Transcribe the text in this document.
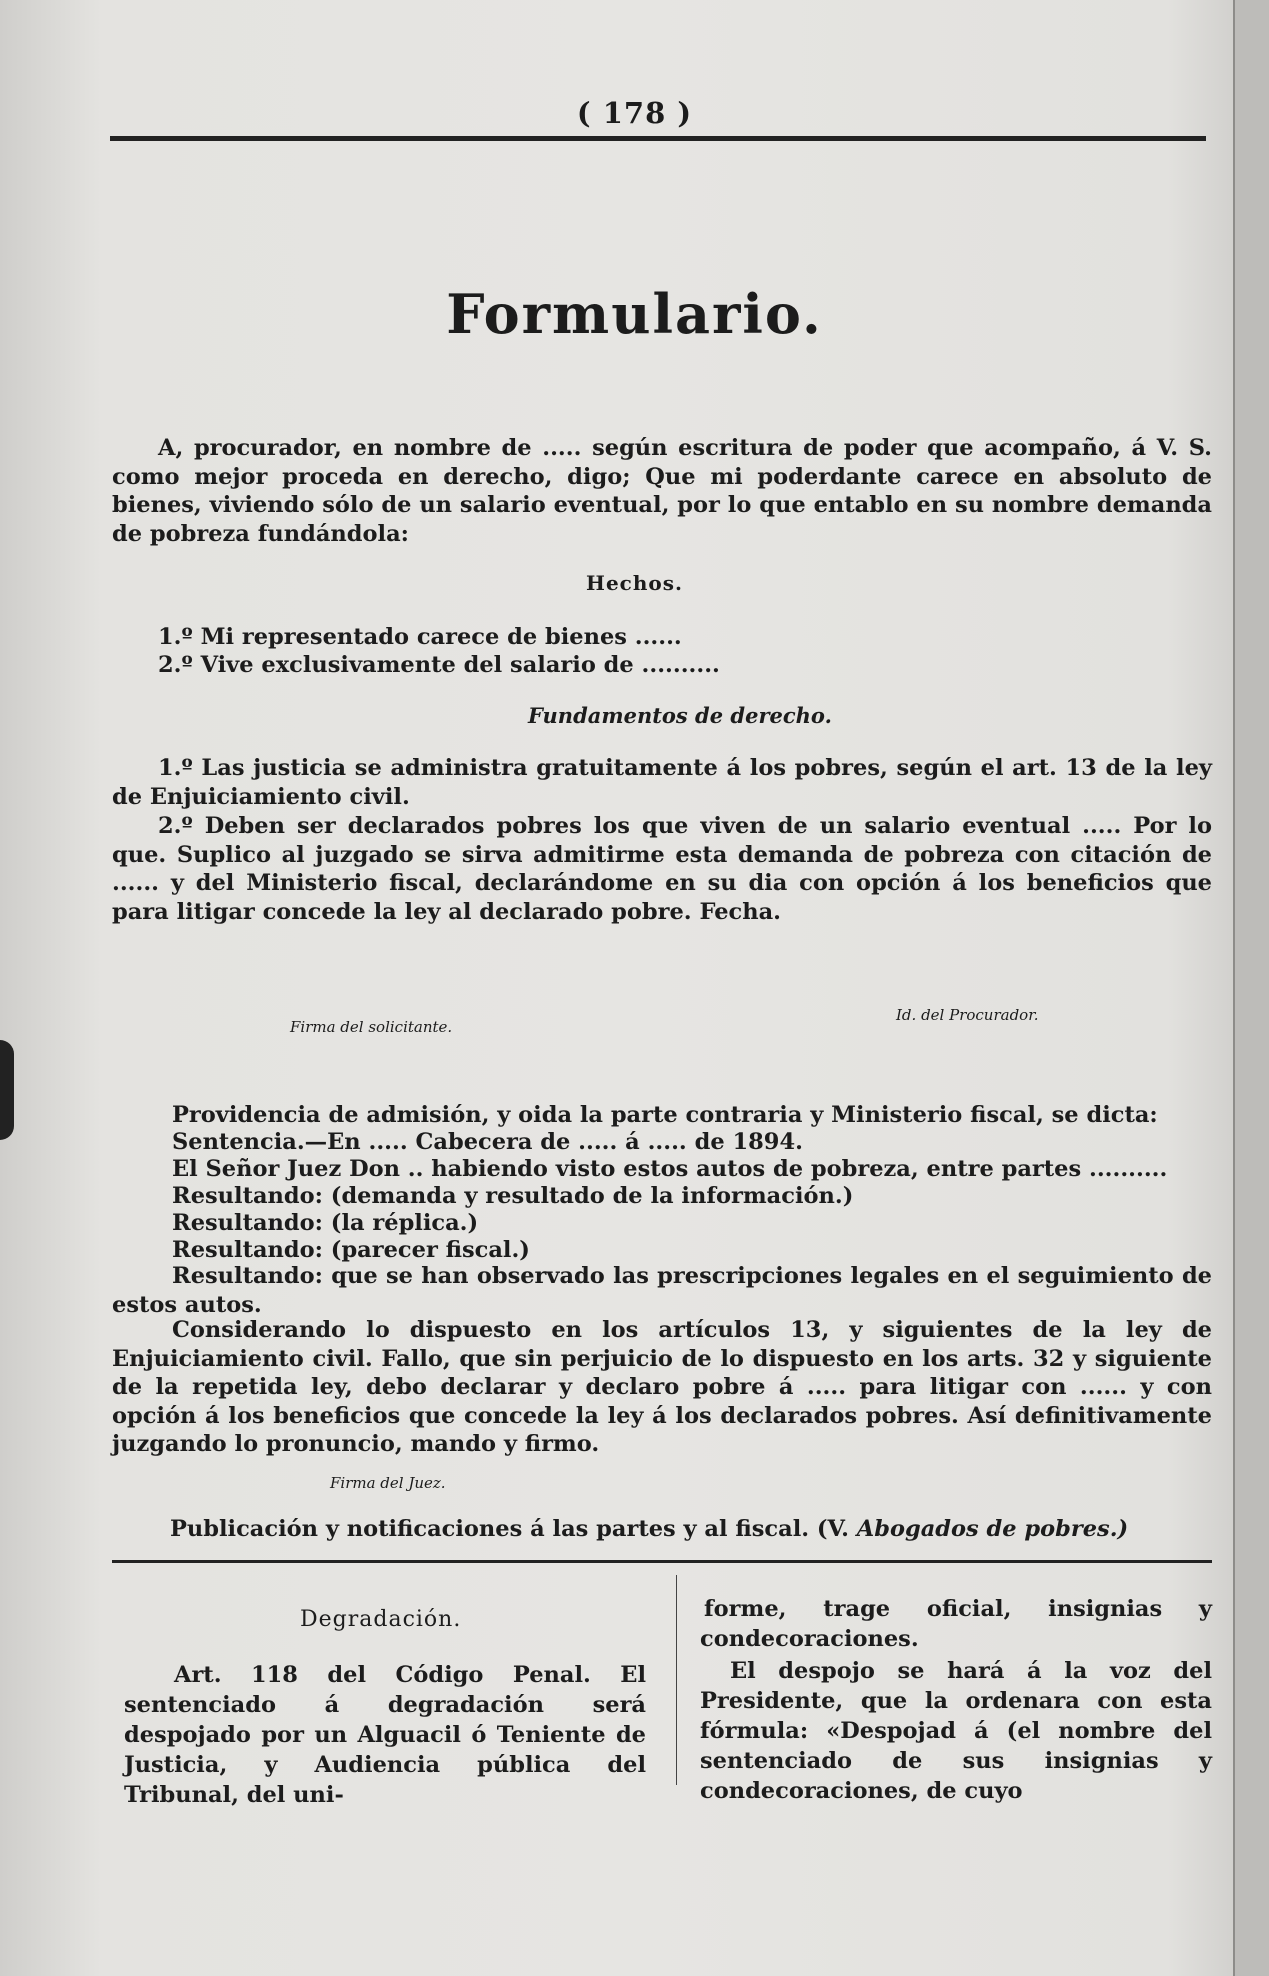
( 178 )
Formulario.
A, procurador, en nombre de ..... según escritura de poder que acompaño, á V. S. como mejor proceda en derecho, digo; Que mi poderdante carece en absoluto de bienes, viviendo sólo de un salario eventual, por lo que entablo en su nombre demanda de pobreza fundándola:
Hechos.
1.º Mi representado carece de bienes ......
2.º Vive exclusivamente del salario de ..........
Fundamentos de derecho.
1.º Las justicia se administra gratuitamente á los pobres, según el art. 13 de la ley de Enjuiciamiento civil.
2.º Deben ser declarados pobres los que viven de un salario eventual ..... Por lo que. Suplico al juzgado se sirva admitirme esta demanda de pobreza con citación de ...... y del Ministerio fiscal, declarándome en su dia con opción á los beneficios que para litigar concede la ley al declarado pobre. Fecha.
Firma del solicitante.
Id. del Procurador.
Providencia de admisión, y oida la parte contraria y Ministerio fiscal, se dicta:
Sentencia.—En ..... Cabecera de ..... á ..... de 1894.
El Señor Juez Don .. habiendo visto estos autos de pobreza, entre partes ..........
Resultando: (demanda y resultado de la información.)
Resultando: (la réplica.)
Resultando: (parecer fiscal.)
Resultando: que se han observado las prescripciones legales en el seguimiento de estos autos.
Considerando lo dispuesto en los artículos 13, y siguientes de la ley de Enjuiciamiento civil. Fallo, que sin perjuicio de lo dispuesto en los arts. 32 y siguiente de la repetida ley, debo declarar y declaro pobre á ..... para litigar con ...... y con opción á los beneficios que concede la ley á los declarados pobres. Así definitivamente juzgando lo pronuncio, mando y firmo.
Firma del Juez.
Publicación y notificaciones á las partes y al fiscal. (V. Abogados de pobres.)
Degradación.
Art. 118 del Código Penal. El sentenciado á degradación será despojado por un Alguacil ó Teniente de Justicia, y Audiencia pública del Tribunal, del uni-
forme, trage oficial, insignias y condecoraciones.
El despojo se hará á la voz del Presidente, que la ordenara con esta fórmula: «Despojad á (el nombre del sentenciado de sus insignias y condecoraciones, de cuyo
